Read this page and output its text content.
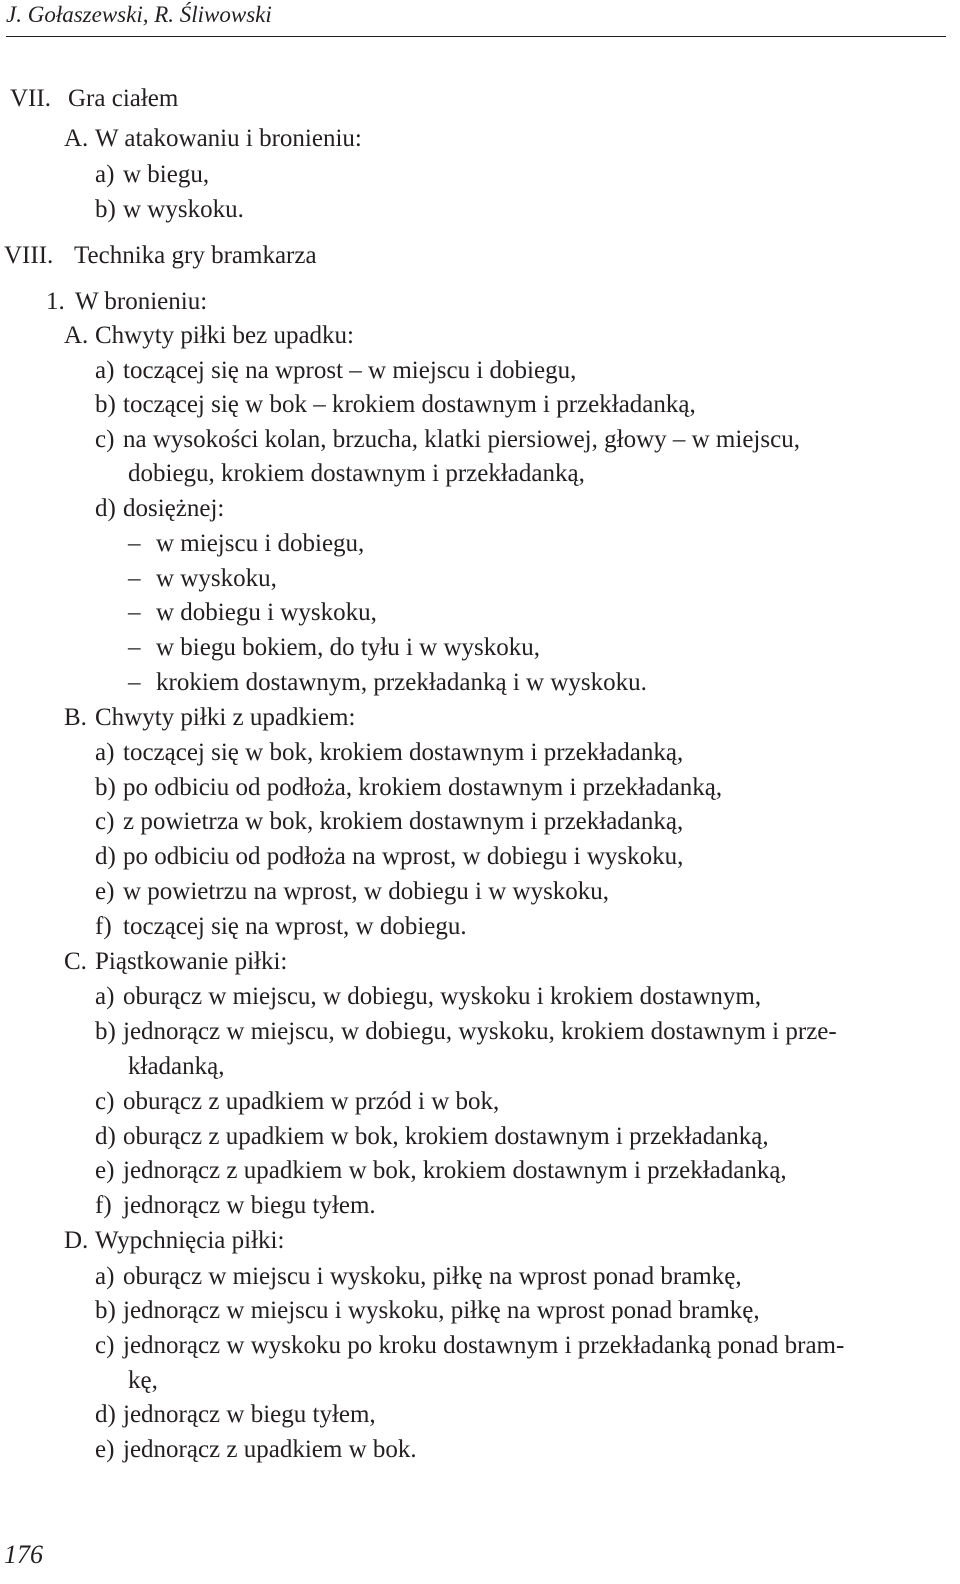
J. Gołaszewski, R. Śliwowski
VII. Gra ciałem
A. W atakowaniu i bronieniu:
a) w biegu,
b) w wyskoku.
VIII. Technika gry bramkarza
1. W bronieniu:
A. Chwyty piłki bez upadku:
a) toczącej się na wprost – w miejscu i dobiegu,
b) toczącej się w bok – krokiem dostawnym i przekładanką,
c) na wysokości kolan, brzucha, klatki piersiowej, głowy – w miejscu,
dobiegu, krokiem dostawnym i przekładanką,
d) dosiężnej:
– w miejscu i dobiegu,
– w wyskoku,
– w dobiegu i wyskoku,
– w biegu bokiem, do tyłu i w wyskoku,
– krokiem dostawnym, przekładanką i w wyskoku.
B. Chwyty piłki z upadkiem:
a) toczącej się w bok, krokiem dostawnym i przekładanką,
b) po odbiciu od podłoża, krokiem dostawnym i przekładanką,
c) z powietrza w bok, krokiem dostawnym i przekładanką,
d) po odbiciu od podłoża na wprost, w dobiegu i wyskoku,
e) w powietrzu na wprost, w dobiegu i w wyskoku,
f) toczącej się na wprost, w dobiegu.
C. Piąstkowanie piłki:
a) oburącz w miejscu, w dobiegu, wyskoku i krokiem dostawnym,
b) jednorącz w miejscu, w dobiegu, wyskoku, krokiem dostawnym i prze-
kładanką,
c) oburącz z upadkiem w przód i w bok,
d) oburącz z upadkiem w bok, krokiem dostawnym i przekładanką,
e) jednorącz z upadkiem w bok, krokiem dostawnym i przekładanką,
f) jednorącz w biegu tyłem.
D. Wypchnięcia piłki:
a) oburącz w miejscu i wyskoku, piłkę na wprost ponad bramkę,
b) jednorącz w miejscu i wyskoku, piłkę na wprost ponad bramkę,
c) jednorącz w wyskoku po kroku dostawnym i przekładanką ponad bram-
kę,
d) jednorącz w biegu tyłem,
e) jednorącz z upadkiem w bok.
176
